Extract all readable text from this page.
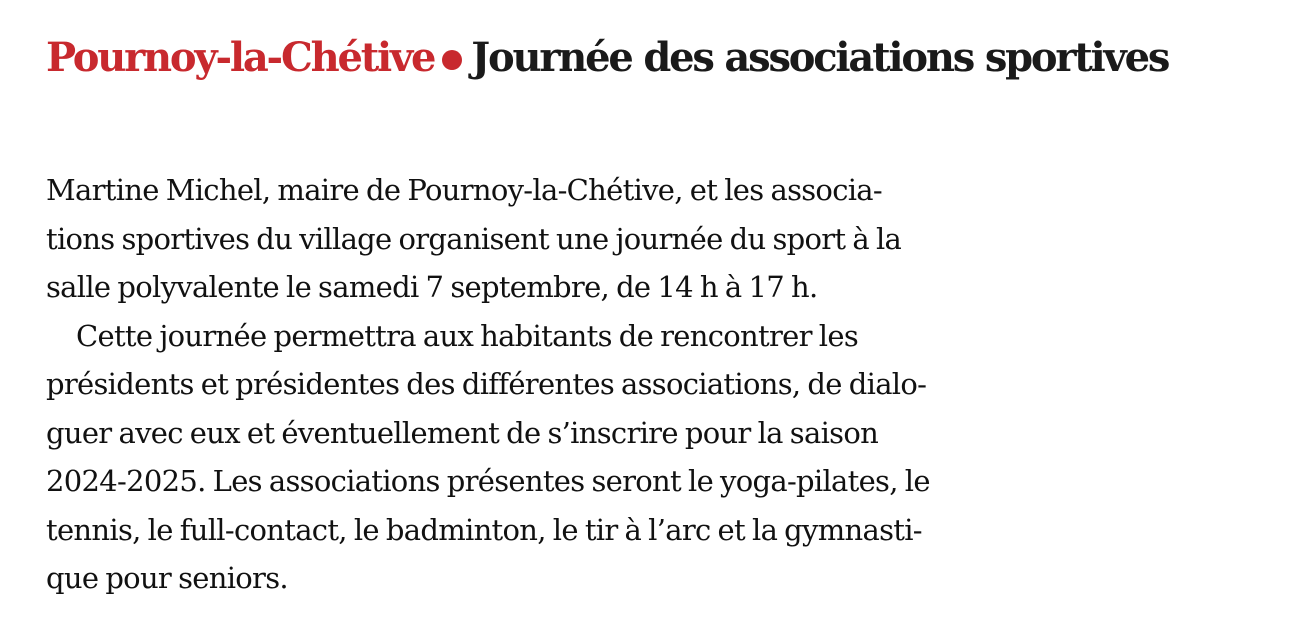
Pournoy-la-Chétive Journée des associations sportives
Martine Michel, maire de Pournoy-la-Chétive, et les associa-
tions sportives du village organisent une journée du sport à la
salle polyvalente le samedi 7 septembre, de 14 h à 17 h.
Cette journée permettra aux habitants de rencontrer les
présidents et présidentes des différentes associations, de dialo-
guer avec eux et éventuellement de s’inscrire pour la saison
2024-2025. Les associations présentes seront le yoga-pilates, le
tennis, le full-contact, le badminton, le tir à l’arc et la gymnasti-
que pour seniors.
